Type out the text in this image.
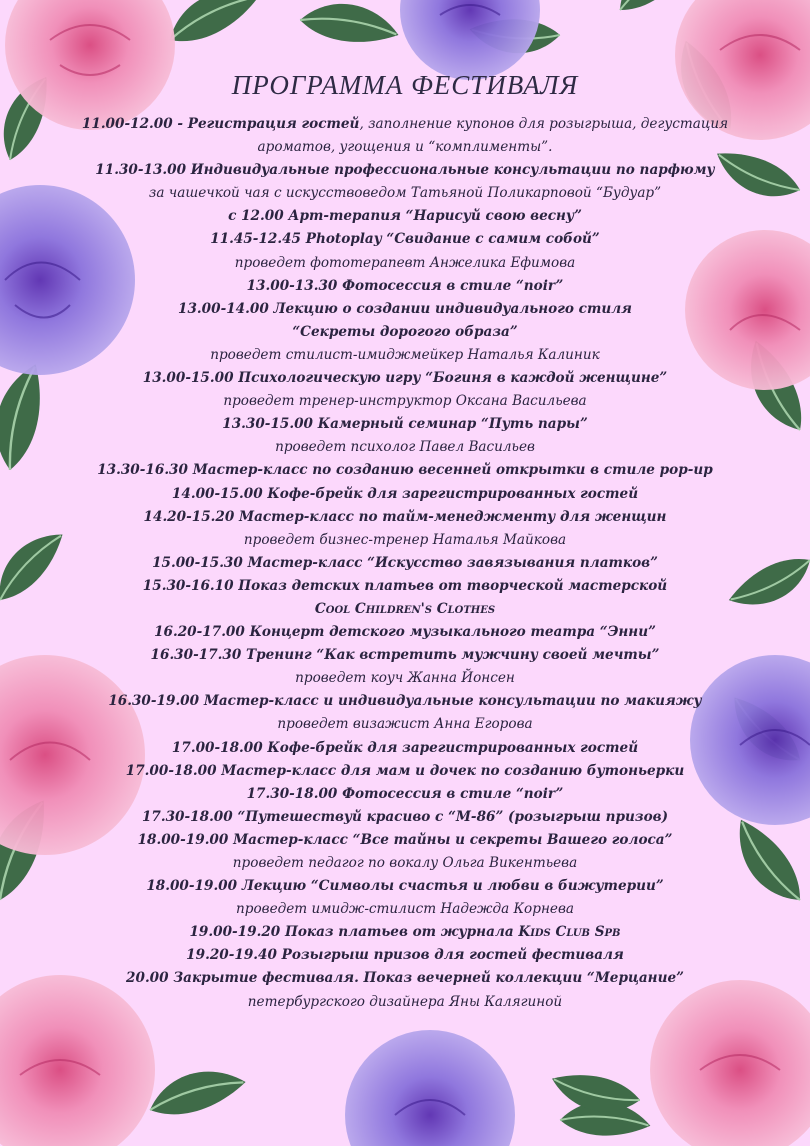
ПРОГРАММА ФЕСТИВАЛЯ
11.00-12.00 - Регистрация гостей, заполнение купонов для розыгрыша, дегустация
ароматов, угощения и “комплименты”.
11.30-13.00 Индивидуальные профессиональные консультации по парфюму
за чашечкой чая с искусствоведом Татьяной Поликарповой “Будуар”
с 12.00 Арт-терапия “Нарисуй свою весну”
11.45-12.45 Photoplay “Свидание с самим собой”
проведет фототерапевт Анжелика Ефимова
13.00-13.30 Фотосессия в стиле “noir”
13.00-14.00 Лекцию о создании индивидуального стиля
“Секреты дорогого образа”
проведет стилист-имиджмейкер Наталья Калиник
13.00-15.00 Психологическую игру “Богиня в каждой женщине”
проведет тренер-инструктор Оксана Васильева
13.30-15.00 Камерный семинар “Путь пары”
проведет психолог Павел Васильев
13.30-16.30 Мастер-класс по созданию весенней открытки в стиле pop-up
14.00-15.00 Кофе-брейк для зарегистрированных гостей
14.20-15.20 Мастер-класс по тайм-менеджменту для женщин
проведет бизнес-тренер Наталья Майкова
15.00-15.30 Мастер-класс “Искусство завязывания платков”
15.30-16.10 Показ детских платьев от творческой мастерской
Cool Children's Clothes
16.20-17.00 Концерт детского музыкального театра “Энни”
16.30-17.30 Тренинг “Как встретить мужчину своей мечты”
проведет коуч Жанна Йонсен
16.30-19.00 Мастер-класс и индивидуальные консультации по макияжу
проведет визажист Анна Егорова
17.00-18.00 Кофе-брейк для зарегистрированных гостей
17.00-18.00 Мастер-класс для мам и дочек по созданию бутоньерки
17.30-18.00 Фотосессия в стиле “noir”
17.30-18.00 “Путешествуй красиво с “М-86” (розыгрыш призов)
18.00-19.00 Мастер-класс “Все тайны и секреты Вашего голоса”
проведет педагог по вокалу Ольга Викентьева
18.00-19.00 Лекцию “Символы счастья и любви в бижутерии”
проведет имидж-стилист Надежда Корнева
19.00-19.20 Показ платьев от журнала Kids Club Spb
19.20-19.40 Розыгрыш призов для гостей фестиваля
20.00 Закрытие фестиваля. Показ вечерней коллекции “Мерцание”
петербургского дизайнера Яны Калягиной
